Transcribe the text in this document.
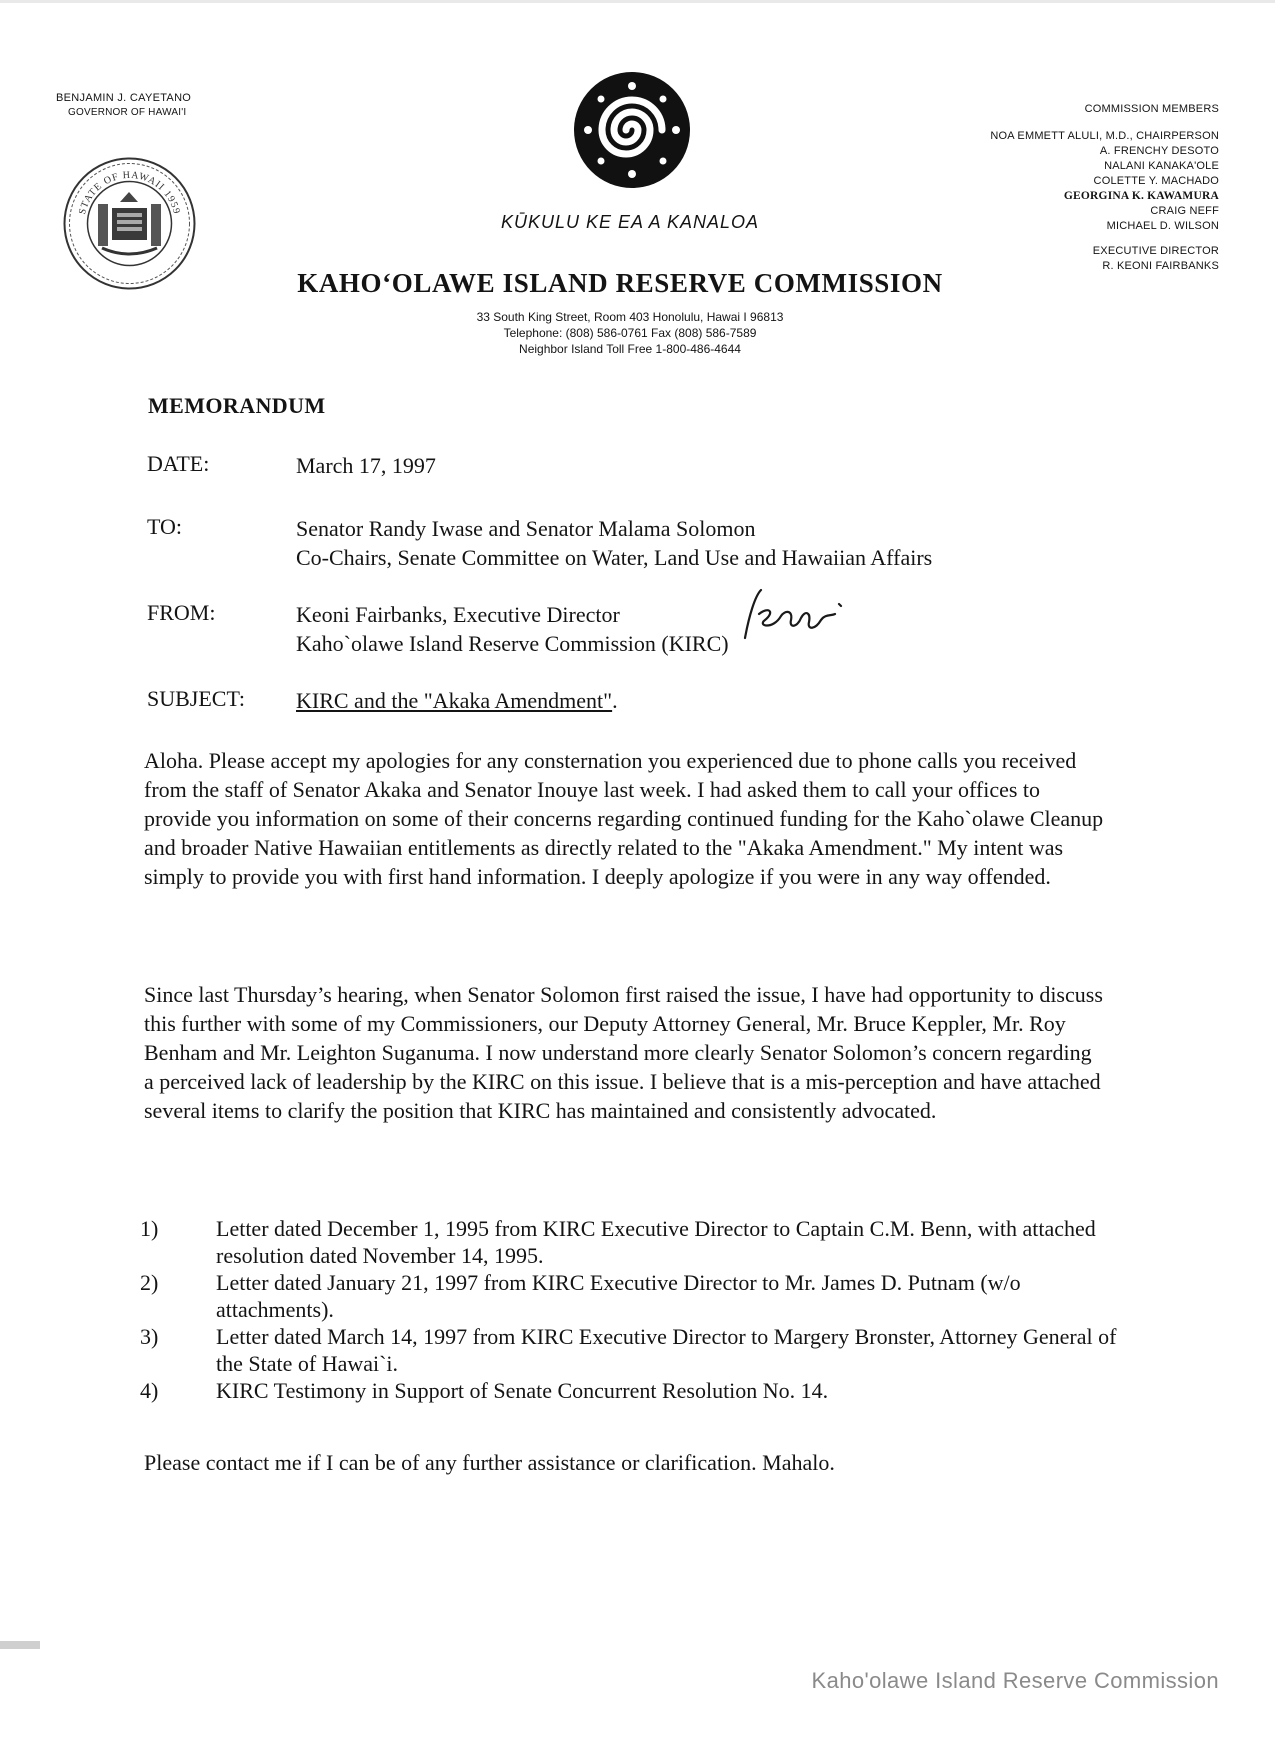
BENJAMIN J. CAYETANO
GOVERNOR OF HAWAI'I
STATE OF HAWAII 1959
KŪKULU KE EA A KANALOA
KAHO‘OLAWE ISLAND RESERVE COMMISSION
33 South King Street, Room 403 Honolulu, Hawai I 96813
Telephone: (808) 586-0761 Fax (808) 586-7589
Neighbor Island Toll Free 1-800-486-4644
COMMISSION MEMBERS
NOA EMMETT ALULI, M.D., CHAIRPERSON
A. FRENCHY DESOTO
NALANI KANAKA'OLE
COLETTE Y. MACHADO
GEORGINA K. KAWAMURA
CRAIG NEFF
MICHAEL D. WILSON
EXECUTIVE DIRECTOR
R. KEONI FAIRBANKS
MEMORANDUM
DATE:	March 17, 1997
TO:	Senator Randy Iwase and Senator Malama Solomon
Co-Chairs, Senate Committee on Water, Land Use and Hawaiian Affairs
FROM:	Keoni Fairbanks, Executive Director
Kaho`olawe Island Reserve Commission (KIRC)
SUBJECT: KIRC and the "Akaka Amendment".
Aloha. Please accept my apologies for any consternation you experienced due to phone calls you received from the staff of Senator Akaka and Senator Inouye last week. I had asked them to call your offices to provide you information on some of their concerns regarding continued funding for the Kaho`olawe Cleanup and broader Native Hawaiian entitlements as directly related to the "Akaka Amendment." My intent was simply to provide you with first hand information. I deeply apologize if you were in any way offended.
Since last Thursday’s hearing, when Senator Solomon first raised the issue, I have had opportunity to discuss this further with some of my Commissioners, our Deputy Attorney General, Mr. Bruce Keppler, Mr. Roy Benham and Mr. Leighton Suganuma. I now understand more clearly Senator Solomon’s concern regarding a perceived lack of leadership by the KIRC on this issue. I believe that is a mis-perception and have attached several items to clarify the position that KIRC has maintained and consistently advocated.
1)	Letter dated December 1, 1995 from KIRC Executive Director to Captain C.M. Benn, with attached resolution dated November 14, 1995.
2)	Letter dated January 21, 1997 from KIRC Executive Director to Mr. James D. Putnam (w/o attachments).
3)	Letter dated March 14, 1997 from KIRC Executive Director to Margery Bronster, Attorney General of the State of Hawai`i.
4)	KIRC Testimony in Support of Senate Concurrent Resolution No. 14.
Please contact me if I can be of any further assistance or clarification. Mahalo.
Kaho'olawe Island Reserve Commission
